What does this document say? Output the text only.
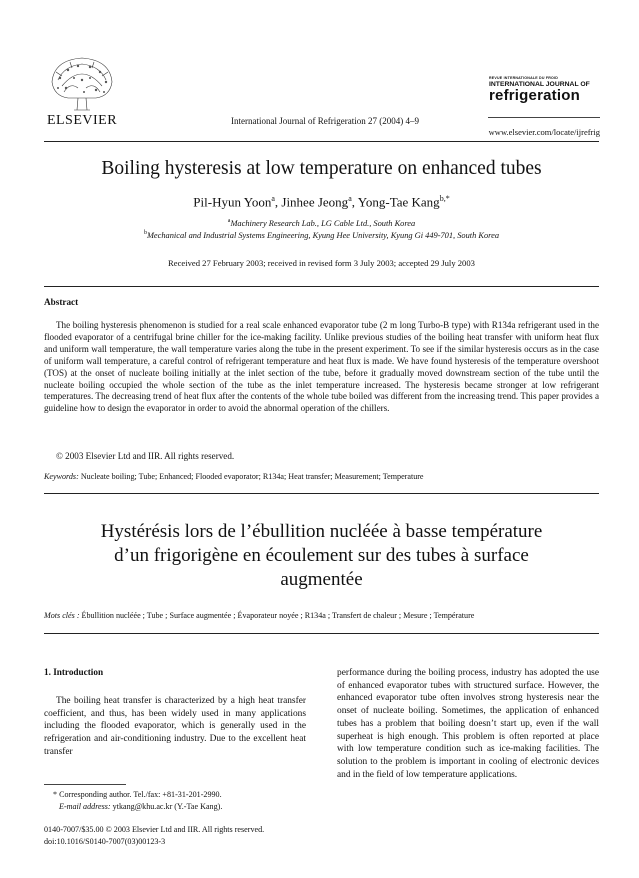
ELSEVIER	International Journal of Refrigeration 27 (2004) 4–9
REVUE INTERNATIONALE DU FROID
INTERNATIONAL JOURNAL OF
refrigeration
www.elsevier.com/locate/ijrefrig
Boiling hysteresis at low temperature on enhanced tubes
Pil-Hyun Yoon$^a$, Jinhee Jeong$^a$, Yong-Tae Kang$^{b,*}$
$^a$Machinery Research Lab., LG Cable Ltd., South Korea
$^b$Mechanical and Industrial Systems Engineering, Kyung Hee University, Kyung Gi 449-701, South Korea
Received 27 February 2003; received in revised form 3 July 2003; accepted 29 July 2003
Abstract
The boiling hysteresis phenomenon is studied for a real scale enhanced evaporator tube (2 m long Turbo-B type) with R134a refrigerant used in the flooded evaporator of a centrifugal brine chiller for the ice-making facility. Unlike previous studies of the boiling heat transfer with uniform heat flux and uniform wall temperature, the wall temperature varies along the tube in the present experiment. To see if the similar hysteresis occurs as in the case of uniform wall temperature, a careful control of refrigerant temperature and heat flux is made. We have found hysteresis of the temperature overshoot (TOS) at the onset of nucleate boiling initially at the inlet section of the tube, before it gradually moved downstream section of the tube until the nucleate boiling occupied the whole section of the tube as the inlet temperature increased. The hysteresis became stronger at low refrigerant temperatures. The decreasing trend of heat flux after the contents of the whole tube boiled was different from the increasing trend. This paper provides a guideline how to design the evaporator in order to avoid the abnormal operation of the chillers.
© 2003 Elsevier Ltd and IIR. All rights reserved.
Keywords: Nucleate boiling; Tube; Enhanced; Flooded evaporator; R134a; Heat transfer; Measurement; Temperature
Hystérésis lors de l’ébullition nucléée à basse température
d’un frigorigène en écoulement sur des tubes à surface
augmentée
Mots clés : Ébullition nucléée ; Tube ; Surface augmentée ; Évaporateur noyée ; R134a ; Transfert de chaleur ; Mesure ; Température
1. Introduction
The boiling heat transfer is characterized by a high heat transfer coefficient, and thus, has been widely used in many applications including the flooded evaporator, which is generally used in the refrigeration and air-conditioning industry. Due to the excellent heat transfer
performance during the boiling process, industry has adopted the use of enhanced evaporator tubes with structured surface. However, the enhanced evaporator tube often involves strong hysteresis near the onset of nucleate boiling. Sometimes, the application of enhanced tubes has a problem that boiling doesn’t start up, even if the wall superheat is high enough. This problem is often reported at place with low temperature condition such as ice-making facilities. The solution to the problem is important in cooling of electronic devices and in the field of low temperature applications.
* Corresponding author. Tel./fax: +81-31-201-2990.
E-mail address: ytkang@khu.ac.kr (Y.-Tae Kang).
0140-7007/$35.00 © 2003 Elsevier Ltd and IIR. All rights reserved.
doi:10.1016/S0140-7007(03)00123-3
